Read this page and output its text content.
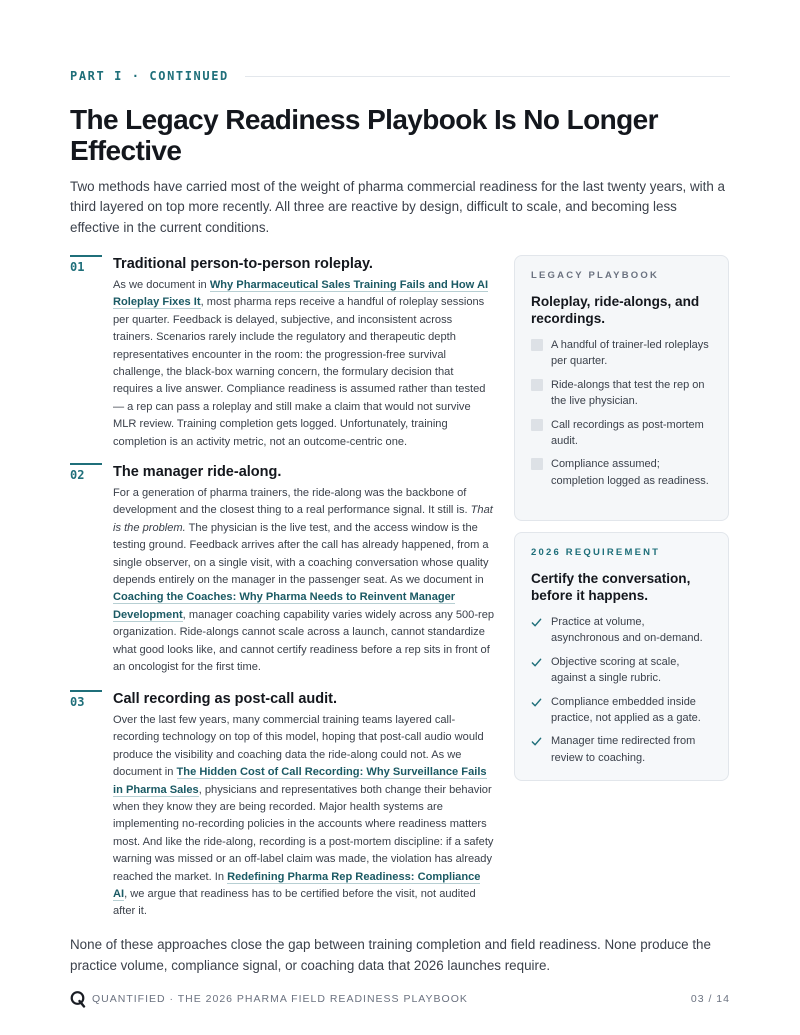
PART I · CONTINUED
The Legacy Readiness Playbook Is No Longer Effective

Two methods have carried most of the weight of pharma commercial readiness for the last twenty years, with a third layered on top more recently. All three are reactive by design, difficult to scale, and becoming less effective in the current conditions.

01	Traditional person-to-person roleplay.

As we document in Why Pharmaceutical Sales Training Fails and How AI Roleplay Fixes It, most pharma reps receive a handful of roleplay sessions per quarter. Feedback is delayed, subjective, and inconsistent across trainers. Scenarios rarely include the regulatory and therapeutic depth representatives encounter in the room: the progression-free survival challenge, the black-box warning concern, the formulary decision that requires a live answer. Compliance readiness is assumed rather than tested — a rep can pass a roleplay and still make a claim that would not survive MLR review. Training completion gets logged. Unfortunately, training completion is an activity metric, not an outcome-centric one.

02	The manager ride-along.

For a generation of pharma trainers, the ride-along was the backbone of development and the closest thing to a real performance signal. It still is. That is the problem. The physician is the live test, and the access window is the testing ground. Feedback arrives after the call has already happened, from a single observer, on a single visit, with a coaching conversation whose quality depends entirely on the manager in the passenger seat. As we document in Coaching the Coaches: Why Pharma Needs to Reinvent Manager Development, manager coaching capability varies widely across any 500-rep organization. Ride-alongs cannot scale across a launch, cannot standardize what good looks like, and cannot certify readiness before a rep sits in front of an oncologist for the first time.

03	Call recording as post-call audit.

Over the last few years, many commercial training teams layered call-recording technology on top of this model, hoping that post-call audio would produce the visibility and coaching data the ride-along could not. As we document in The Hidden Cost of Call Recording: Why Surveillance Fails in Pharma Sales, physicians and representatives both change their behavior when they know they are being recorded. Major health systems are implementing no-recording policies in the accounts where readiness matters most. And like the ride-along, recording is a post-mortem discipline: if a safety warning was missed or an off-label claim was made, the violation has already reached the market. In Redefining Pharma Rep Readiness: Compliance AI, we argue that readiness has to be certified before the visit, not audited after it.

LEGACY PLAYBOOK
Roleplay, ride-alongs, and recordings.
A handful of trainer-led roleplays per quarter.
Ride-alongs that test the rep on the live physician.
Call recordings as post-mortem audit.
Compliance assumed; completion logged as readiness.
2026 REQUIREMENT
Certify the conversation, before it happens.
Practice at volume, asynchronous and on-demand.
Objective scoring at scale, against a single rubric.
Compliance embedded inside practice, not applied as a gate.
Manager time redirected from review to coaching.

None of these approaches close the gap between training completion and field readiness. None produce the practice volume, compliance signal, or coaching data that 2026 launches require.

QUANTIFIED · THE 2026 PHARMA FIELD READINESS PLAYBOOK	03 / 14
